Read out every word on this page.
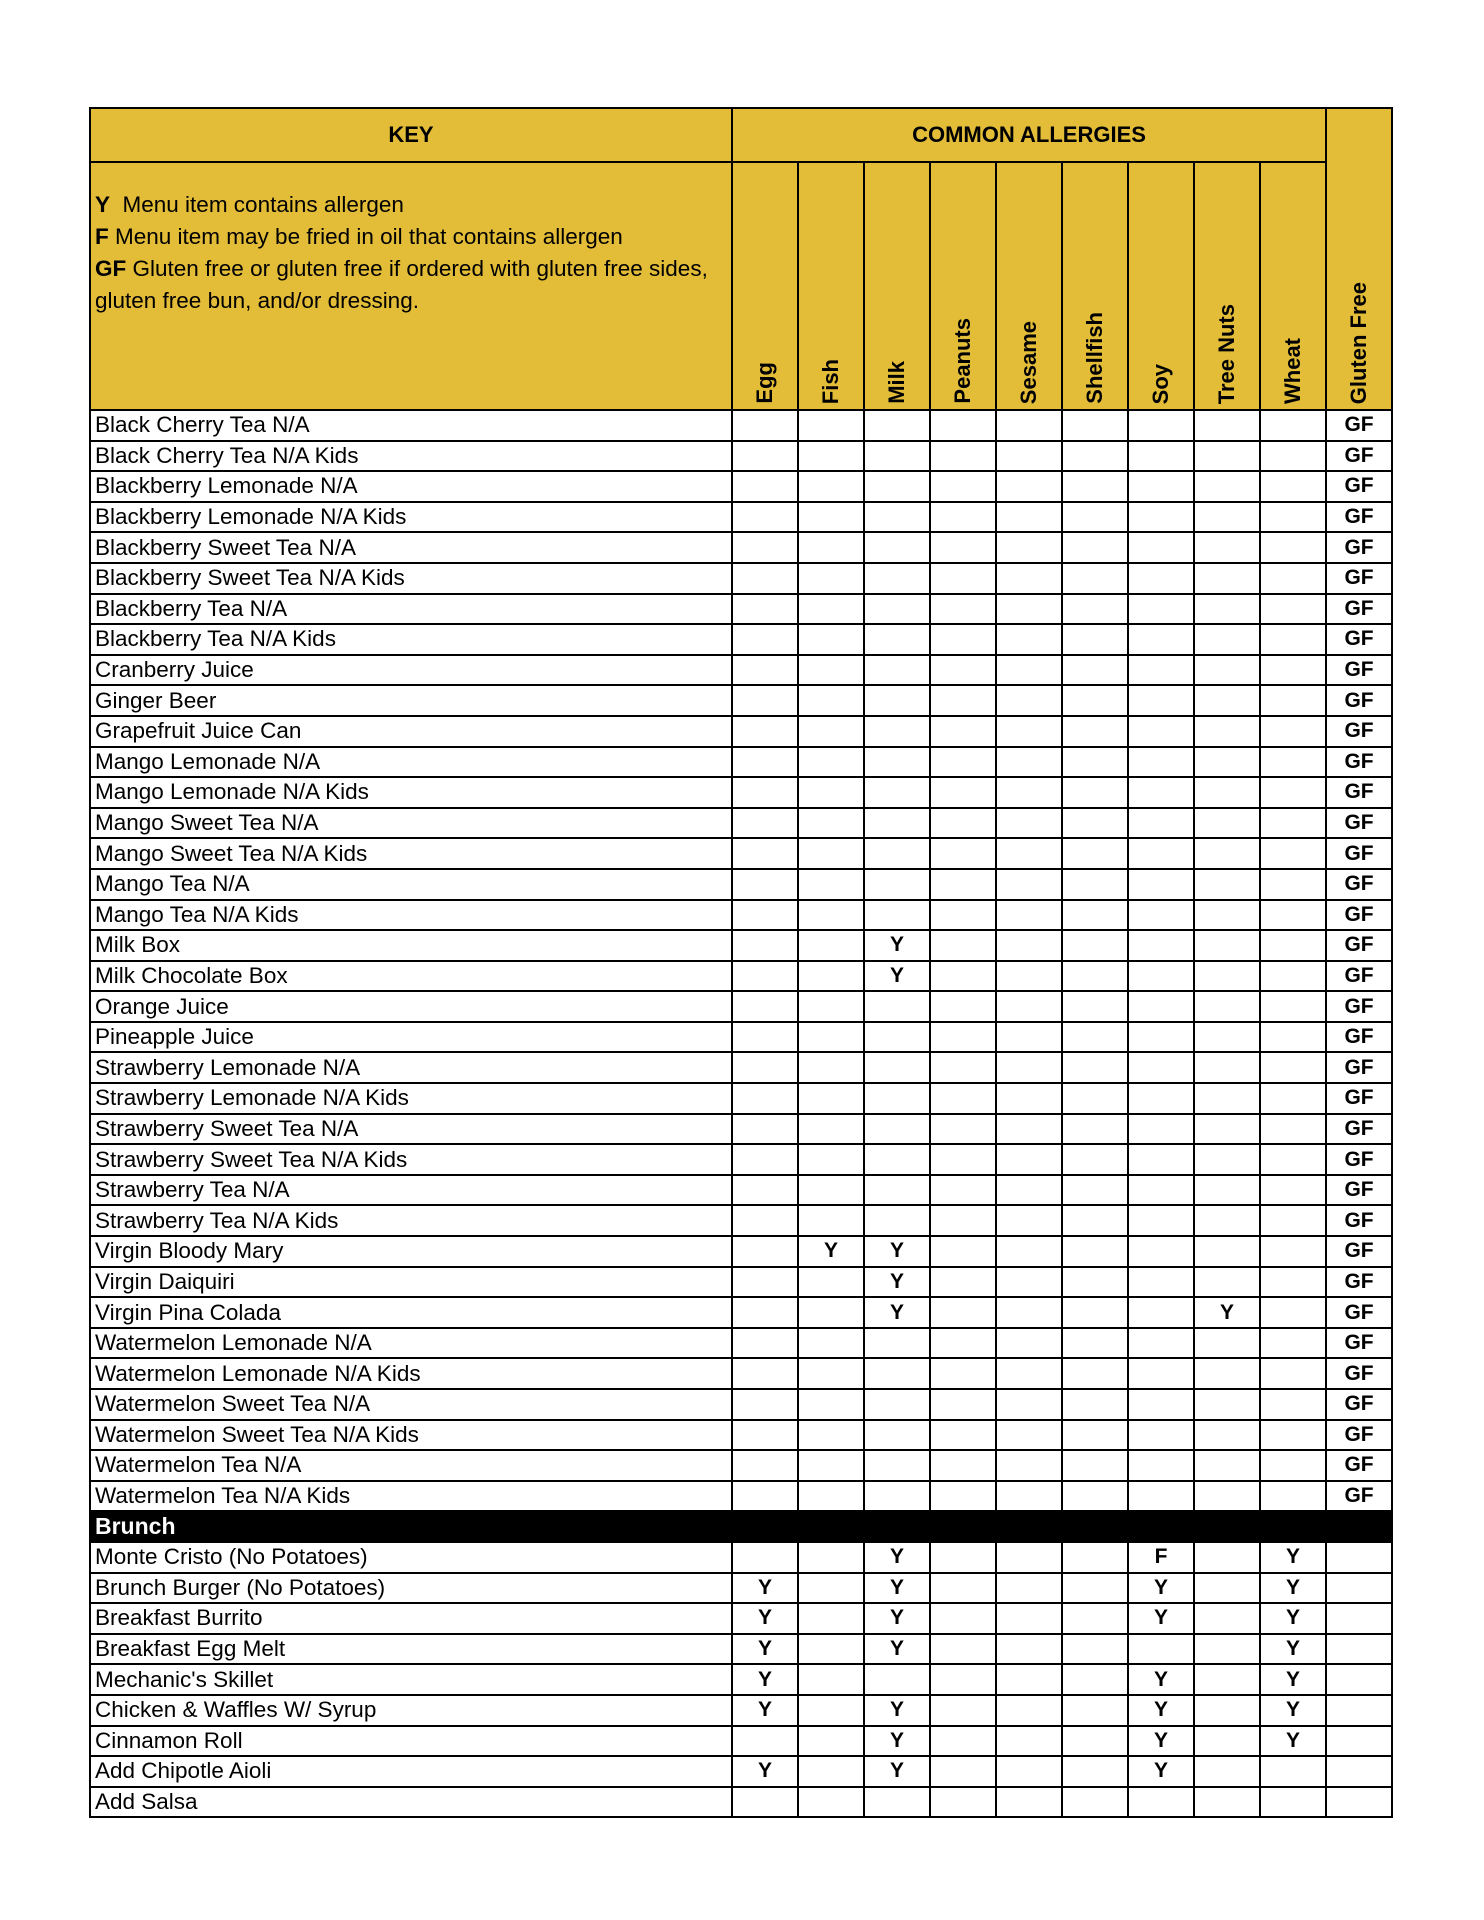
KEY	COMMON ALLERGIES									Gluten Free

Y  Menu item contains allergen
F Menu item may be fried in oil that contains allergen
GF Gluten free or gluten free if ordered with gluten free sides, gluten free bun, and/or dressing.	Egg	Fish	Milk	Peanuts	Sesame	Shellfish	Soy	Tree Nuts	Wheat	
Black Cherry Tea N/A										GF
Black Cherry Tea N/A Kids										GF
Blackberry Lemonade N/A										GF
Blackberry Lemonade N/A Kids										GF
Blackberry Sweet Tea N/A										GF
Blackberry Sweet Tea N/A Kids										GF
Blackberry Tea N/A										GF
Blackberry Tea N/A Kids										GF
Cranberry Juice										GF
Ginger Beer										GF
Grapefruit Juice Can										GF
Mango Lemonade N/A										GF
Mango Lemonade N/A Kids										GF
Mango Sweet Tea N/A										GF
Mango Sweet Tea N/A Kids										GF
Mango Tea N/A										GF
Mango Tea N/A Kids										GF
Milk Box			Y							GF
Milk Chocolate Box			Y							GF
Orange Juice										GF
Pineapple Juice										GF
Strawberry Lemonade N/A										GF
Strawberry Lemonade N/A Kids										GF
Strawberry Sweet Tea N/A										GF
Strawberry Sweet Tea N/A Kids										GF
Strawberry Tea N/A										GF
Strawberry Tea N/A Kids										GF
Virgin Bloody Mary		Y	Y							GF
Virgin Daiquiri			Y							GF
Virgin Pina Colada			Y					Y		GF
Watermelon Lemonade N/A										GF
Watermelon Lemonade N/A Kids										GF
Watermelon Sweet Tea N/A										GF
Watermelon Sweet Tea N/A Kids										GF
Watermelon Tea N/A										GF
Watermelon Tea N/A Kids										GF
Brunch										
Monte Cristo (No Potatoes)			Y				F		Y	
Brunch Burger (No Potatoes)	Y		Y				Y		Y	
Breakfast Burrito	Y		Y				Y		Y	
Breakfast Egg Melt	Y		Y						Y	
Mechanic's Skillet	Y						Y		Y	
Chicken & Waffles W/ Syrup	Y		Y				Y		Y	
Cinnamon Roll			Y				Y		Y	
Add Chipotle Aioli	Y		Y				Y			
Add Salsa										
